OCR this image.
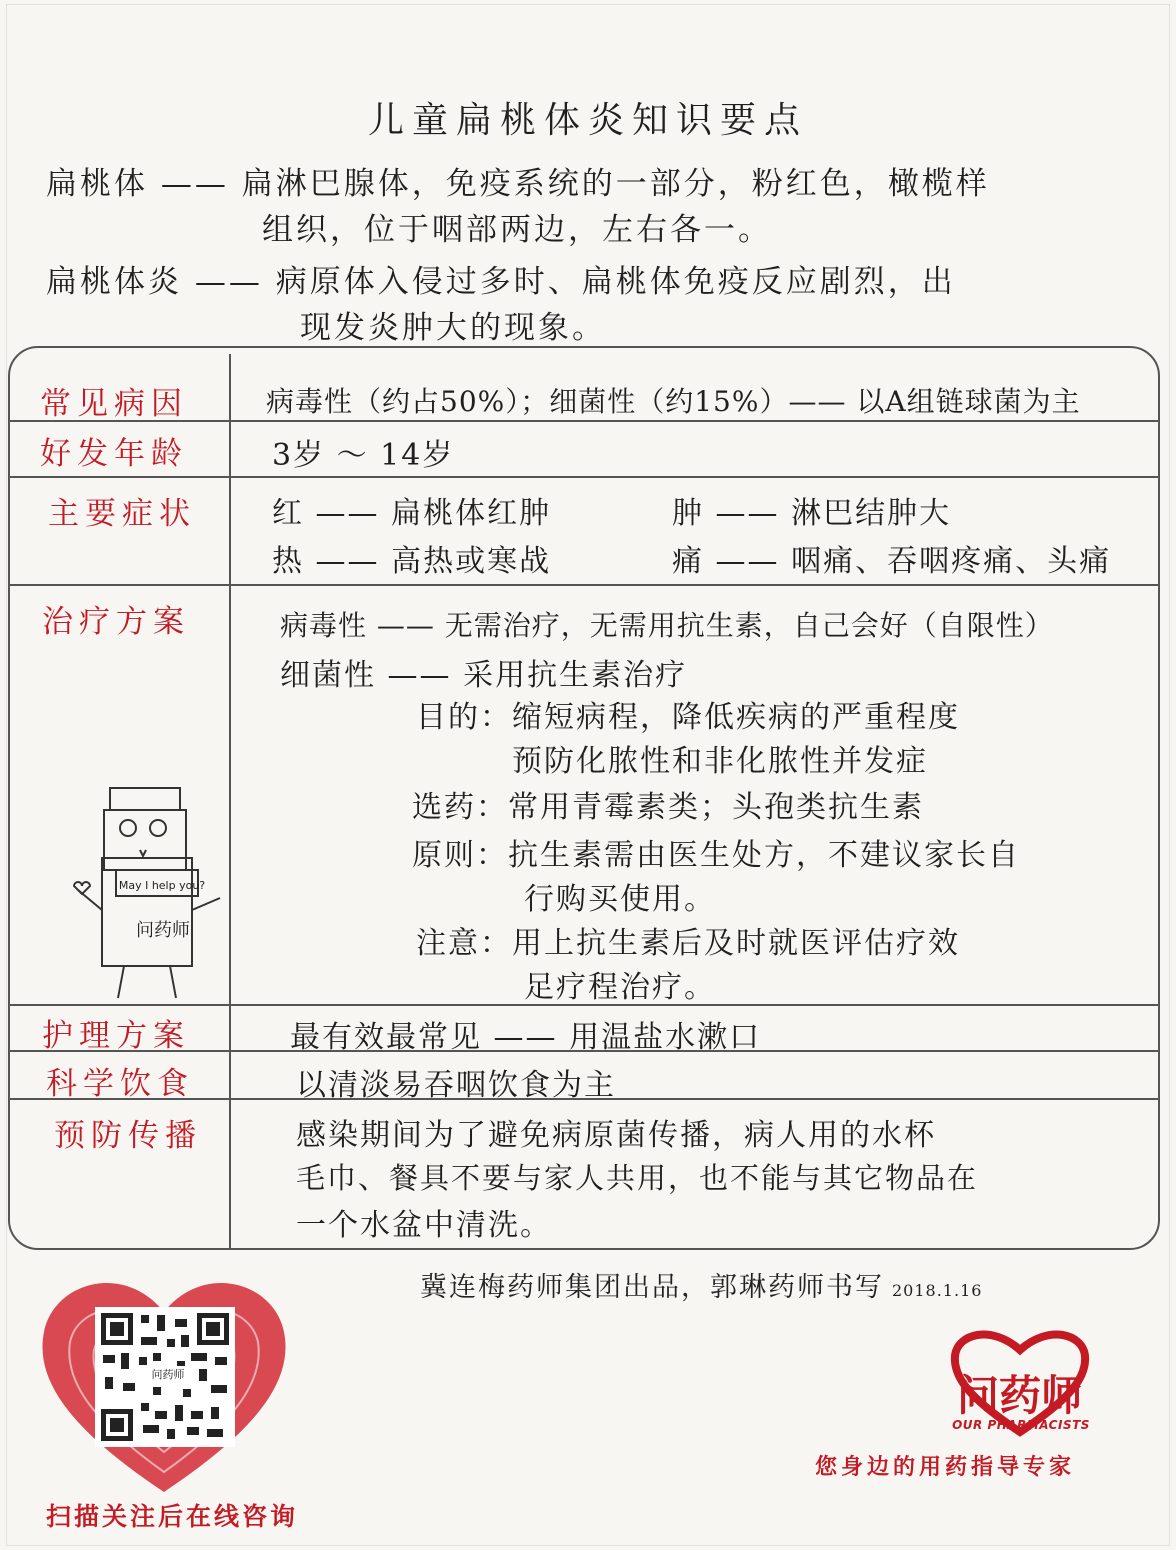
儿童扁桃体炎知识要点
扁桃体 —— 扁淋巴腺体，免疫系统的一部分，粉红色，橄榄样
组织，位于咽部两边，左右各一。
扁桃体炎 —— 病原体入侵过多时、扁桃体免疫反应剧烈，出
现发炎肿大的现象。
常见病因
好发年龄
主要症状
治疗方案
护理方案
科学饮食
预防传播
病毒性（约占50%）；细菌性（约15%）—— 以A组链球菌为主
3岁 ～ 14岁
红 —— 扁桃体红肿	肿 —— 淋巴结肿大
热 —— 高热或寒战	痛 —— 咽痛、吞咽疼痛、头痛
病毒性 —— 无需治疗，无需用抗生素，自己会好（自限性）
细菌性 —— 采用抗生素治疗
目的：缩短病程，降低疾病的严重程度
预防化脓性和非化脓性并发症
选药：常用青霉素类；头孢类抗生素
原则：抗生素需由医生处方，不建议家长自
行购买使用。
注意：用上抗生素后及时就医评估疗效
足疗程治疗。
最有效最常见 —— 用温盐水漱口
以清淡易吞咽饮食为主
感染期间为了避免病原菌传播，病人用的水杯
毛巾、餐具不要与家人共用，也不能与其它物品在
一个水盆中清洗。
May I help you?
问药师
冀连梅药师集团出品，郭琳药师书写 2018.1.16
问药师
扫描关注后在线咨询
问药师
OUR PHARMACISTS
您身边的用药指导专家
